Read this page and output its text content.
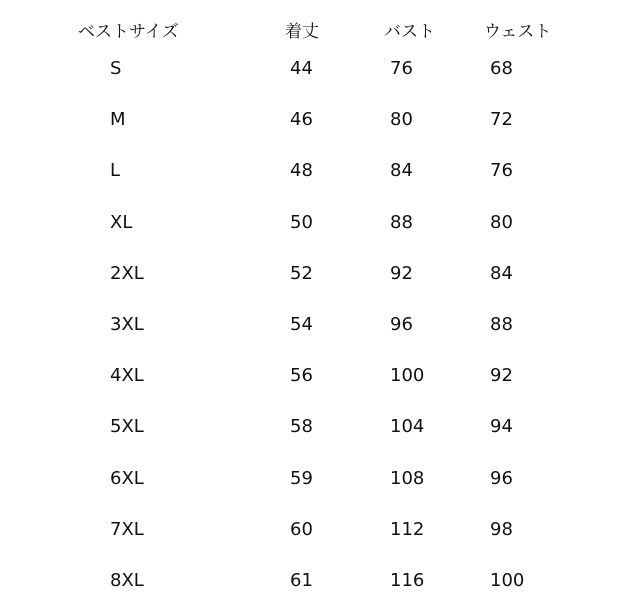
ベストサイズ	着丈	バスト	ウェスト
S	44	76	68
M	46	80	72
L	48	84	76
XL	50	88	80
2XL	52	92	84
3XL	54	96	88
4XL	56	100	92
5XL	58	104	94
6XL	59	108	96
7XL	60	112	98
8XL	61	116	100
